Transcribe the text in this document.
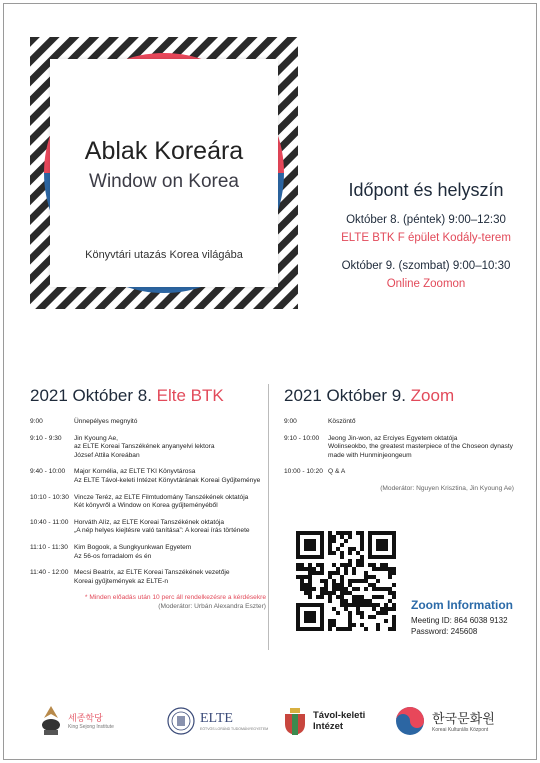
Ablak Koreára
Window on Korea
Könyvtári utazás Korea világába
Időpont és helyszín
Október 8. (péntek) 9:00–12:30
ELTE BTK F épület Kodály-terem
Október 9. (szombat) 9:00–10:30
Online Zoomon
2021 Október 8. Elte BTK
9:00	Ünnepélyes megnyitó
9:10 - 9:30	Jin Kyoung Ae,
az ELTE Koreai Tanszékének anyanyelvi lektora
József Attila Koreában
9:40 - 10:00	Major Kornélia, az ELTE TKI Könyvtárosa
Az ELTE Távol-keleti Intézet Könyvtárának Koreai Gyűjteménye
10:10 - 10:30 Vincze Teréz, az ELTE Filmtudomány Tanszékének oktatója
Két könyvről a Window on Korea gyűjteményéből
10:40 - 11:00 Horváth Alíz, az ELTE Koreai Tanszékének oktatója
„A nép helyes kiejtésre való tanítása”: A koreai írás története
11:10 - 11:30 Kim Bogook, a Sungkyunkwan Egyetem
Az 56-os forradalom és én
11:40 - 12:00 Mecsi Beatrix, az ELTE Koreai Tanszékének vezetője
Koreai gyűjtemények az ELTE-n
* Minden előadás után 10 perc áll rendelkezésre a kérdésekre
(Moderátor: Urbán Alexandra Eszter)
2021 Október 9. Zoom
9:00	Köszöntő
9:10 - 10:00	Jeong Jin-won, az Erciyes Egyetem oktatója
Wolinseokbo, the greatest masterpiece of the Choseon dynasty
made with Hunminjeongeum
10:00 - 10:20 Q & A
(Moderátor: Nguyen Krisztina, Jin Kyoung Ae)
Zoom Information
Meeting ID: 864 6038 9132
Password: 245608
세종학당
King Sejong Institute
ELTE
EÖTVÖS LORÁND TUDOMÁNYEGYETEM
Távol-keleti
Intézet	한국문화원
Koreai Kulturális Központ
